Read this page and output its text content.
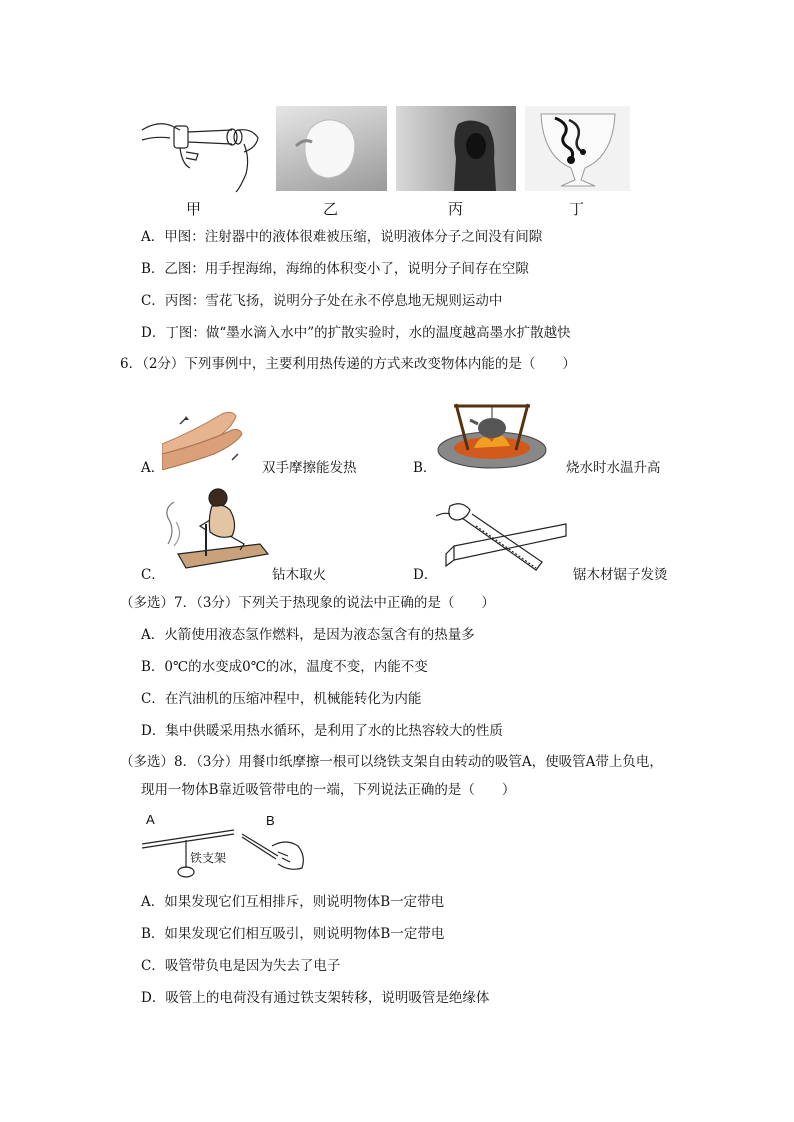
甲	乙	丙	丁
A．甲图：注射器中的液体很难被压缩，说明液体分子之间没有间隙
B．乙图：用手捏海绵，海绵的体积变小了，说明分子间存在空隙
C．丙图：雪花飞扬，说明分子处在永不停息地无规则运动中
D．丁图：做“墨水滴入水中”的扩散实验时，水的温度越高墨水扩散越快
6．（2分）下列事例中，主要利用热传递的方式来改变物体内能的是（　　）
A．	双手摩擦能发热	B．	烧水时水温升高
C．	钻木取火	D．	锯木材锯子发烫
（多选）7．（3分）下列关于热现象的说法中正确的是（　　）
A．火箭使用液态氢作燃料，是因为液态氢含有的热量多
B．0℃的水变成0℃的冰，温度不变，内能不变
C．在汽油机的压缩冲程中，机械能转化为内能
D．集中供暖采用热水循环，是利用了水的比热容较大的性质
（多选）8．（3分）用餐巾纸摩擦一根可以绕铁支架自由转动的吸管A，使吸管A带上负电，
现用一物体B靠近吸管带电的一端，下列说法正确的是（　　）
A	B
铁支架
A．如果发现它们互相排斥，则说明物体B一定带电
B．如果发现它们相互吸引，则说明物体B一定带电
C．吸管带负电是因为失去了电子
D．吸管上的电荷没有通过铁支架转移，说明吸管是绝缘体
